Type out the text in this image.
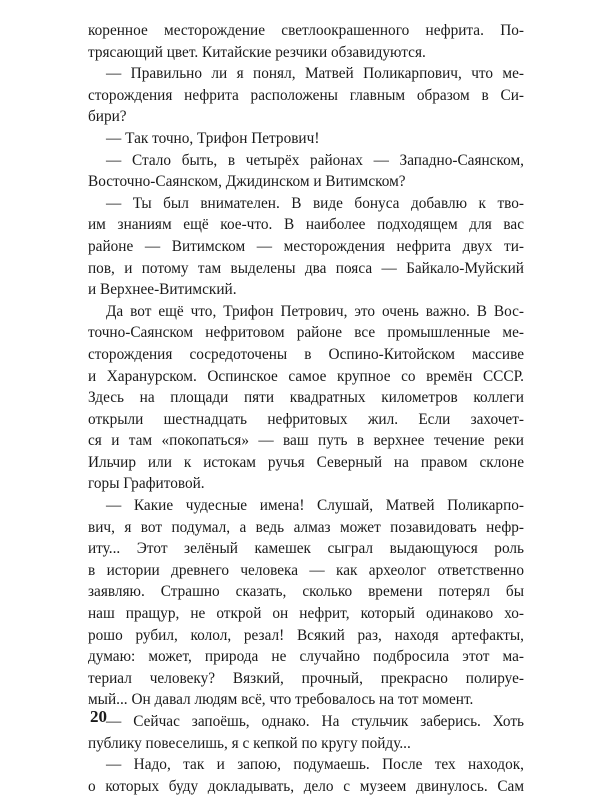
коренное месторождение светлоокрашенного нефрита. По-
трясающий цвет. Китайские резчики обзавидуются.
— Правильно ли я понял, Матвей Поликарпович, что ме-
сторождения нефрита расположены главным образом в Си-
бири?
— Так точно, Трифон Петрович!
— Стало быть, в четырёх районах — Западно-Саянском,
Восточно-Саянском, Джидинском и Витимском?
— Ты был внимателен. В виде бонуса добавлю к тво-
им знаниям ещё кое-что. В наиболее подходящем для вас
районе — Витимском — месторождения нефрита двух ти-
пов, и потому там выделены два пояса — Байкало-Муйский
и Верхнее-Витимский.
Да вот ещё что, Трифон Петрович, это очень важно. В Вос-
точно-Саянском нефритовом районе все промышленные ме-
сторождения сосредоточены в Оспино-Китойском массиве
и Харанурском. Оспинское самое крупное со времён СССР.
Здесь на площади пяти квадратных километров коллеги
открыли шестнадцать нефритовых жил. Если захочет-
ся и там «покопаться» — ваш путь в верхнее течение реки
Ильчир или к истокам ручья Северный на правом склоне
горы Графитовой.
— Какие чудесные имена! Слушай, Матвей Поликарпо-
вич, я вот подумал, а ведь алмаз может позавидовать нефр-
иту... Этот зелёный камешек сыграл выдающуюся роль
в истории древнего человека — как археолог ответственно
заявляю. Страшно сказать, сколько времени потерял бы
наш пращур, не открой он нефрит, который одинаково хо-
рошо рубил, колол, резал! Всякий раз, находя артефакты,
думаю: может, природа не случайно подбросила этот ма-
териал человеку? Вязкий, прочный, прекрасно полируе-
мый... Он давал людям всё, что требовалось на тот момент.
— Сейчас запоёшь, однако. На стульчик заберись. Хоть
публику повеселишь, я с кепкой по кругу пойду...
— Надо, так и запою, подумаешь. После тех находок,
о которых буду докладывать, дело с музеем двинулось. Сам
20
